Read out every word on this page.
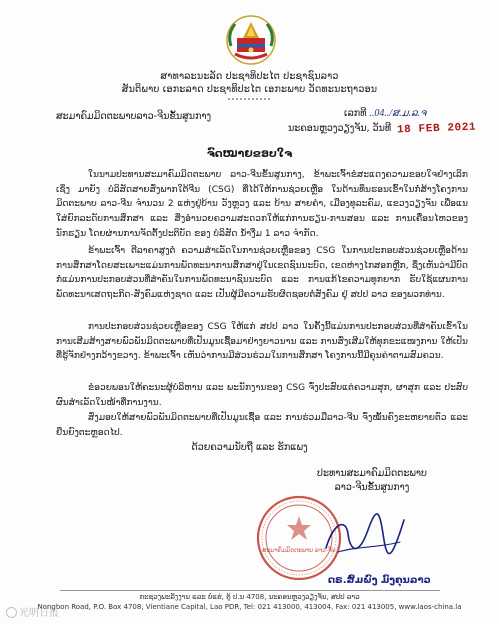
ສາທາລະນະລັດ ປະຊາທິປະໄຕ ປະຊາຊົນລາວ
ສັນຕິພາບ ເອກະລາດ ປະຊາທິປະໄຕ ເອກະພາບ ວັດທະນະຖາວອນ
ສະມາຄົມມິດຕະພາບລາວ-ຈີນຂັ້ນສູນກາງ	ເລກທີ ..04../ສ.ມ.ລ.ຈ
ນະຄອນຫຼວງວຽງຈັນ, ວັນທີ 18 FEB 2021
ຈົດໝາຍຂອບໃຈ

ໃນນາມປະທານສະມາຄົມມິດຕະພາບ ລາວ-ຈີນຂັ້ນສູນກາງ, ຂ້າພະເຈົ້າຂໍສະແດງຄວາມຂອບໃຈຢ່າງເລິກເຊິ່ງ ມາຍັງ ບໍລິສັດສາຍສົ່ງພາກໃຕ້ຈີນ (CSG) ທີ່ໄດ້ໃຫ້ການຊ່ວຍເຫຼືອ ໃນດ້ານທຶນຮອນເຂົ້າໃນກໍ່ສ້າງໂຄງການມິດຕະພາບ ລາວ-ຈີນ ຈຳນວນ 2 ແຫ່ງຢູ່ບ້ານ ວັງຫຼວງ ແລະ ບ້ານ ສາຍຄຳ, ເມືອງທຸລະຄົມ, ແຂວງວຽງຈັນ ເພື່ອແນໃສ່ຍົກລະດັບການສຶກສາ ແລະ ສິ່ງອຳນວຍຄວາມສະດວກໃຫ້ແກ່ການຮຽນ-ການສອນ ແລະ ການເຄື່ອນໄຫວຂອງນັກຮຽນ ໂດຍຜ່ານການຈັດຕັ້ງປະຕິບັດ ຂອງ ບໍລິສັດ ນ້ຳງືມ 1 ລາວ ຈຳກັດ.

ຂ້າພະເຈົ້າ ຕີລາຄາສູງຕໍ່ ຄວາມສຳເລັດໃນການຊ່ວຍເຫຼືອຂອງ CSG ໃນການປະກອບສ່ວນຊ່ວຍເຫຼືອດ້ານການສຶກສາໂດຍສະເພາະແມ່ນການພັດທະນາການສຶກສາຢູ່ໃນເຂດຊົນນະບົດ, ເຂດຫ່າງໄກສອກຫຼີກ, ຊຶ່ງເຫັນວ່າມີບົດ ກໍ່ແມ່ນການປະກອບສ່ວນທີ່ສຳຄັນໃນການພັດທະນາຊົນນະບົດ ແລະ ການແກ້ໄຂຄວາມທຸກຍາກ ຮັບໃຊ້ແຜນການພັດທະນາເສດຖະກິດ-ສັງຄົມແຫ່ງຊາດ ແລະ ເປັນຜູ້ມີຄວາມຮັບຜິດຊອບຕໍ່ສັງຄົມ ຢູ່ ສປປ ລາວ ຂອງພວກທ່ານ.

ການປະກອບສ່ວນຊ່ວຍເຫຼືອຂອງ CSG ໃຫ້ແກ່ ສປປ ລາວ ໃນຄັ້ງນີ້ແມ່ນການປະກອບສ່ວນທີ່ສຳຄັນເຂົ້າໃນການເສີມສ້າງສາຍພົວພັນມິດຕະພາບທີ່ເປັນມູນເຊື້ອມາຢ່າງຍາວນານ ແລະ ການສົ່ງເສີມໃຫ້ທຸກຂະແໜງການ ໃຫ້ເປັນທີ່ຮູ້ຈັກຢ່າງກວ້າງຂວາງ. ຂ້າພະເຈົ້າ ເຫັນວ່າການມີສ່ວນຮ່ວມໃນການສຶກສາ ໂຄງການນີ້ມີຄຸນຄ່າຕາມສົມຄວນ.

ຂໍອວຍພອນໃຫ້ຄະນະຜູ້ບໍລິຫານ ແລະ ພະນັກງານຂອງ CSG ຈົ່ງປະສົບແຕ່ຄວາມສຸກ, ຜາສຸກ ແລະ ປະສົບຜົນສຳເລັດໃນໜ້າທີ່ການງານ.

ສົ່ງມອບໃຫ້ສາຍພົວພັນມິດຕະພາບທີ່ເປັນມູນເຊື້ອ ແລະ ການຮ່ວມມືລາວ-ຈີນ ຈົ່ງໝັ້ນຄົງຂະຫຍາຍຕົວ ແລະ ຍືນຍົງຕະຫຼອດໄປ.

ດ້ວຍຄວາມນັບຖື ແລະ ຮັກແພງ
ປະທານສະມາຄົມມິດຕະພາບ
ລາວ-ຈີນຂັ້ນສູນກາງ
ສະມາຄົມມິດຕະພາບ ລາວ-ຈີນ
ດຣ.ສົມພົງ ມົງຄຸນລາວ
ກະຊວງພະລັງງານ ແລະ ບໍ່ແຮ່, ຕູ້ ປ.ນ 4708, ນະຄອນຫຼວງວຽງຈັນ, ສປປ ລາວ
Nongbon Road, P.O. Box 4708, Vientiane Capital, Lao PDR, Tel: 021 413000, 413004, Fax: 021 413005, www.laos-china.la
光明日报
